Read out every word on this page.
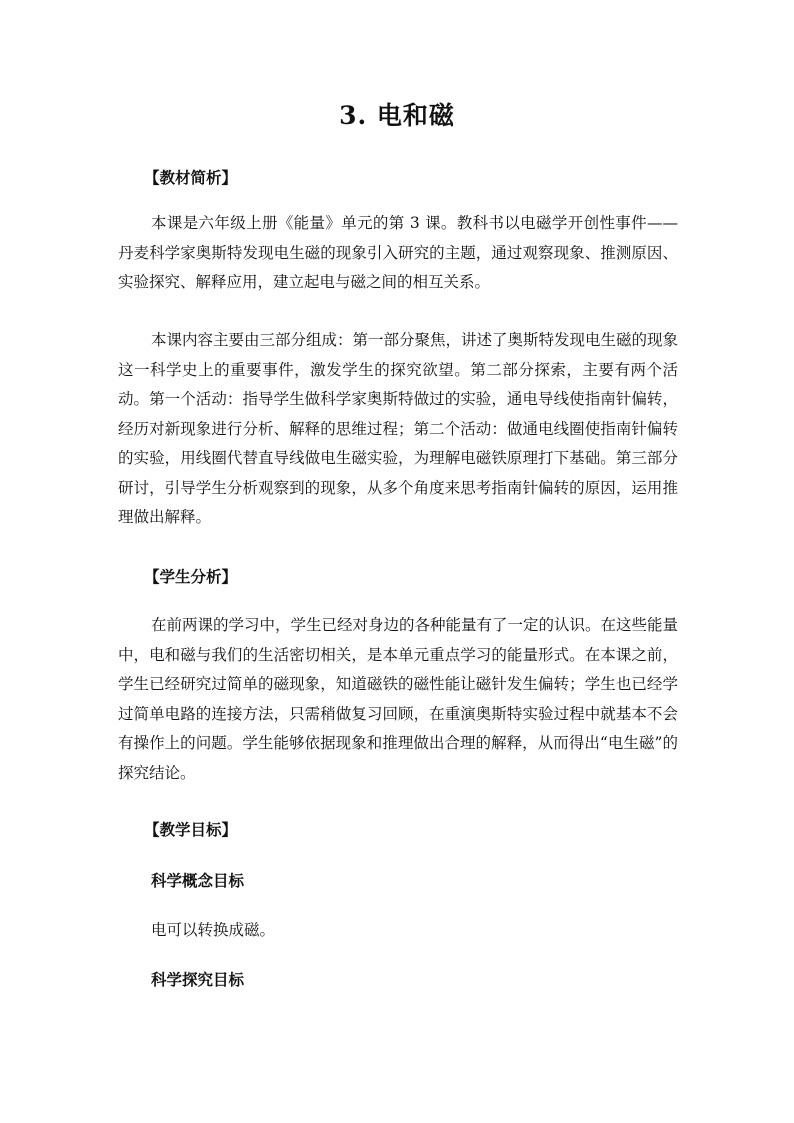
3. 电和磁
【教材简析】

本课是六年级上册《能量》单元的第 3 课。教科书以电磁学开创性事件——丹麦科学家奥斯特发现电生磁的现象引入研究的主题，通过观察现象、推测原因、实验探究、解释应用，建立起电与磁之间的相互关系。

本课内容主要由三部分组成：第一部分聚焦，讲述了奥斯特发现电生磁的现象这一科学史上的重要事件，激发学生的探究欲望。第二部分探索，主要有两个活动。第一个活动：指导学生做科学家奥斯特做过的实验，通电导线使指南针偏转，经历对新现象进行分析、解释的思维过程；第二个活动：做通电线圈使指南针偏转的实验，用线圈代替直导线做电生磁实验，为理解电磁铁原理打下基础。第三部分研讨，引导学生分析观察到的现象，从多个角度来思考指南针偏转的原因，运用推理做出解释。

【学生分析】

在前两课的学习中，学生已经对身边的各种能量有了一定的认识。在这些能量中，电和磁与我们的生活密切相关，是本单元重点学习的能量形式。在本课之前，学生已经研究过简单的磁现象，知道磁铁的磁性能让磁针发生偏转；学生也已经学过简单电路的连接方法，只需稍做复习回顾，在重演奥斯特实验过程中就基本不会有操作上的问题。学生能够依据现象和推理做出合理的解释，从而得出“电生磁”的探究结论。

【教学目标】
科学概念目标
电可以转换成磁。
科学探究目标
